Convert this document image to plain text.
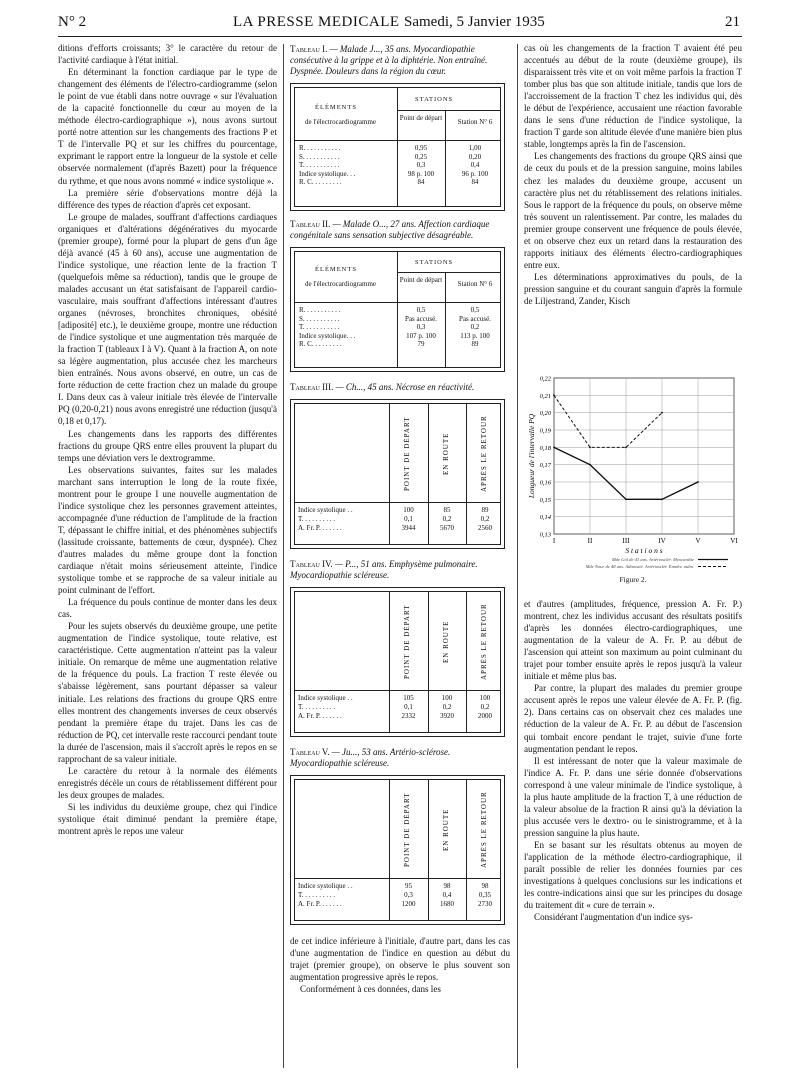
N° 2	LA PRESSE MEDICALE Samedi, 5 Janvier 1935	21

ditions d'efforts croissants; 3° le caractère du retour de l'activité cardiaque à l'état initial.

En déterminant la fonction cardiaque par le type de changement des éléments de l'électro-cardiogramme (selon le point de vue établi dans notre ouvrage « sur l'évaluation de la capacité fonctionnelle du cœur au moyen de la méthode électro-cardiographique »), nous avons surtout porté notre attention sur les changements des fractions P et T de l'intervalle PQ et sur les chiffres du pourcentage, exprimant le rapport entre la longueur de la systole et celle observée normalement (d'après Bazett) pour la fréquence du rythme, et que nous avons nommé « indice systolique ».

La première série d'observations montre déjà la différence des types de réaction d'après cet exposant.

Le groupe de malades, souffrant d'affections cardiaques organiques et d'altérations dégénératives du myocarde (premier groupe), formé pour la plupart de gens d'un âge déjà avancé (45 à 60 ans), accuse une augmentation de l'indice systolique, une réaction lente de la fraction T (quelquefois même sa réduction), tandis que le groupe de malades accusant un état satisfaisant de l'appareil cardio-vasculaire, mais souffrant d'affections intéressant d'autres organes (névroses, bronchites chroniques, obésité [adiposité] etc.), le deuxième groupe, montre une réduction de l'indice systolique et une augmentation très marquée de la fraction T (tableaux I à V). Quant à la fraction A, on note sa légère augmentation, plus accusée chez les marcheurs bien entraînés. Nous avons observé, en outre, un cas de forte réduction de cette fraction chez un malade du groupe I. Dans deux cas à valeur initiale très élevée de l'intervalle PQ (0,20-0,21) nous avons enregistré une réduction (jusqu'à 0,18 et 0,17).

Les changements dans les rapports des différentes fractions du groupe QRS entre elles prouvent la plupart du temps une déviation vers le dextrogramme.

Les observations suivantes, faites sur les malades marchant sans interruption le long de la route fixée, montrent pour le groupe I une nouvelle augmentation de l'indice systolique chez les personnes gravement atteintes, accompagnée d'une réduction de l'amplitude de la fraction T, dépassant le chiffre initial, et des phénomènes subjectifs (lassitude croissante, battements de cœur, dyspnée). Chez d'autres malades du même groupe dont la fonction cardiaque n'était moins sérieusement atteinte, l'indice systolique tombe et se rapproche de sa valeur initiale au point culminant de l'effort.

La fréquence du pouls continue de monter dans les deux cas.

Pour les sujets observés du deuxième groupe, une petite augmentation de l'indice systolique, toute relative, est caractéristique. Cette augmentation n'atteint pas la valeur initiale. On remarque de même une augmentation relative de la fréquence du pouls. La fraction T reste élevée ou s'abaisse légèrement, sans pourtant dépasser sa valeur initiale. Les relations des fractions du groupe QRS entre elles montrent des changements inverses de ceux observés pendant la première étape du trajet. Dans les cas de réduction de PQ, cet intervalle reste raccourci pendant toute la durée de l'ascension, mais il s'accroît après le repos en se rapprochant de sa valeur initiale.

Le caractère du retour à la normale des éléments enregistrés décèle un cours de rétablissement différent pour les deux groupes de malades.

Si les individus du deuxième groupe, chez qui l'indice systolique était diminué pendant la première étape, montrent après le repos une valeur

Tableau I. — Malade J..., 35 ans. Myocardiopathie consécutive à la grippe et à la diphtérie. Non entraîné. Dyspnée. Douleurs dans la région du cœur.

ÉLÉMENTS
de l'électrocardiogramme
STATIONS
Point de départ	Station N° 6
R. . . . . . . . . . .	0,95	1,00
S. . . . . . . . . . .	0,25	0,20
T. . . . . . . . . . .	0,3	0,4
Indice systolique. . .	98 p. 100	96 p. 100
R. C. . . . . . . . .	84	84

Tableau II. — Malade O..., 27 ans. Affection cardiaque congénitale sans sensation subjective désagréable.

ÉLÉMENTS
de l'électrocardiogramme
STATIONS
Point de départ	Station N° 6
R. . . . . . . . . . .	0,5	0,5
S. . . . . . . . . . .	Pas accusé.	Pas accusé.
T. . . . . . . . . . .	0,3	0,2
Indice systolique. . .	107 p. 100	113 p. 100
R. C. . . . . . . . .	79	89

Tableau III. — Ch..., 45 ans. Nécrose en réactivité.

POINT DE DÉPART	EN ROUTE	APRÈS LE RETOUR
Indice systolique . .	100	85	89
T. . . . . . . . . .	0,1	0,2	0,2
A. Fr. P. . . . . . .	3944	5670	2560

Tableau IV. — P..., 51 ans. Emphysème pulmonaire. Myocardiopathie scléreuse.

POINT DE DÉPART	EN ROUTE	APRÈS LE RETOUR
Indice systolique . .	105	100	100
T. . . . . . . . . .	0,1	0,2	0,2
A. Fr. P. . . . . . .	2332	3920	2000

Tableau V. — Ju..., 53 ans. Artério-sclérose. Myocardiopathie scléreuse.

POINT DE DÉPART	EN ROUTE	APRÈS LE RETOUR
Indice systolique . .	95	98	98
T. . . . . . . . . .	0,3	0,4	0,35
A. Fr. P. . . . . . .	1200	1680	2730

de cet indice inférieure à l'initiale, d'autre part, dans les cas d'une augmentation de l'indice en question au début du trajet (premier groupe), on observe le plus souvent son augmentation progressive après le repos.

Conformément à ces données, dans les

cas où les changements de la fraction T avaient été peu accentués au début de la route (deuxième groupe), ils disparaissent très vite et on voit même parfois la fraction T tomber plus bas que son altitude initiale, tandis que lors de l'accroissement de la fraction T chez les individus qui, dès le début de l'expérience, accusaient une réaction favorable dans le sens d'une réduction de l'indice systolique, la fraction T garde son altitude élevée d'une manière bien plus stable, longtemps après la fin de l'ascension.

Les changements des fractions du groupe QRS ainsi que de ceux du pouls et de la pression sanguine, moins labiles chez les malades du deuxième groupe, accusent un caractère plus net du rétablissement des relations initiales. Sous le rapport de la fréquence du pouls, on observe même très souvent un ralentissement. Par contre, les malades du premier groupe conservent une fréquence de pouls élevée, et on observe chez eux un retard dans la restauration des rapports initiaux des éléments électro-cardiographiques entre eux.

Les déterminations approximatives du pouls, de la pression sanguine et du courant sanguin d'après la formule de Liljestrand, Zander, Kisch

0,22
0,21
0,20
0,19
0,18
0,17
0,16
0,15
0,14
0,13
I	II	III	IV	V	VI
S t a t i o n s
Longueur de l'intervalle PQ
Mde Gol de 43 ans. Artériosclér. Myocardite
Mde Nour de 48 ans. Adiposité. Artériosclér. Emphy. pulm.
Figure 2.

et d'autres (amplitudes, fréquence, pression A. Fr. P.) montrent, chez les individus accusant des résultats positifs d'après les données électro-cardiographiques, une augmentation de la valeur de A. Fr. P. au début de l'ascension qui atteint son maximum au point culminant du trajet pour tomber ensuite après le repos jusqu'à la valeur initiale et même plus bas.

Par contre, la plupart des malades du premier groupe accusent après le repos une valeur élevée de A. Fr. P. (fig. 2). Dans certains cas on observait chez ces malades une réduction de la valeur de A. Fr. P. au début de l'ascension qui tombait encore pendant le trajet, suivie d'une forte augmentation pendant le repos.

Il est intéressant de noter que la valeur maximale de l'indice A. Fr. P. dans une série donnée d'observations correspond à une valeur minimale de l'indice systolique, à la plus haute amplitude de la fraction T, à une réduction de la valeur absolue de la fraction R ainsi qu'à la déviation la plus accusée vers le dextro- ou le sinistrogramme, et à la pression sanguine la plus haute.

En se basant sur les résultats obtenus au moyen de l'application de la méthode électro-cardiographique, il paraît possible de relier les données fournies par ces investigations à quelques conclusions sur les indications et les contre-indications ainsi que sur les principes du dosage du traitement dit « cure de terrain ».

Considérant l'augmentation d'un indice sys-
